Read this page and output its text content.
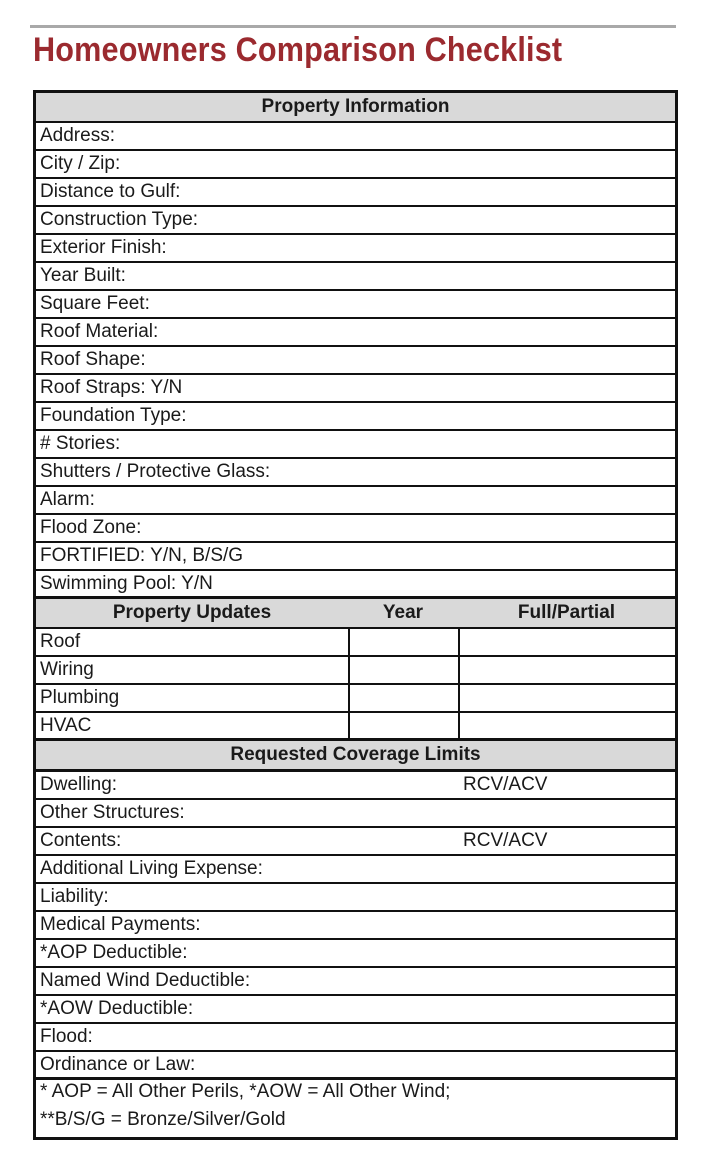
Homeowners Comparison Checklist
Property Information
Address:
City / Zip:
Distance to Gulf:
Construction Type:
Exterior Finish:
Year Built:
Square Feet:
Roof Material:
Roof Shape:
Roof Straps: Y/N
Foundation Type:
# Stories:
Shutters / Protective Glass:
Alarm:
Flood Zone:
FORTIFIED: Y/N, B/S/G
Swimming Pool: Y/N
Property Updates	Year	Full/Partial
Roof
Wiring
Plumbing
HVAC
Requested Coverage Limits
Dwelling:	RCV/ACV
Other Structures:
Contents:	RCV/ACV
Additional Living Expense:
Liability:
Medical Payments:
*AOP Deductible:
Named Wind Deductible:
*AOW Deductible:
Flood:
Ordinance or Law:
* AOP = All Other Perils, *AOW = All Other Wind;
**B/S/G = Bronze/Silver/Gold
